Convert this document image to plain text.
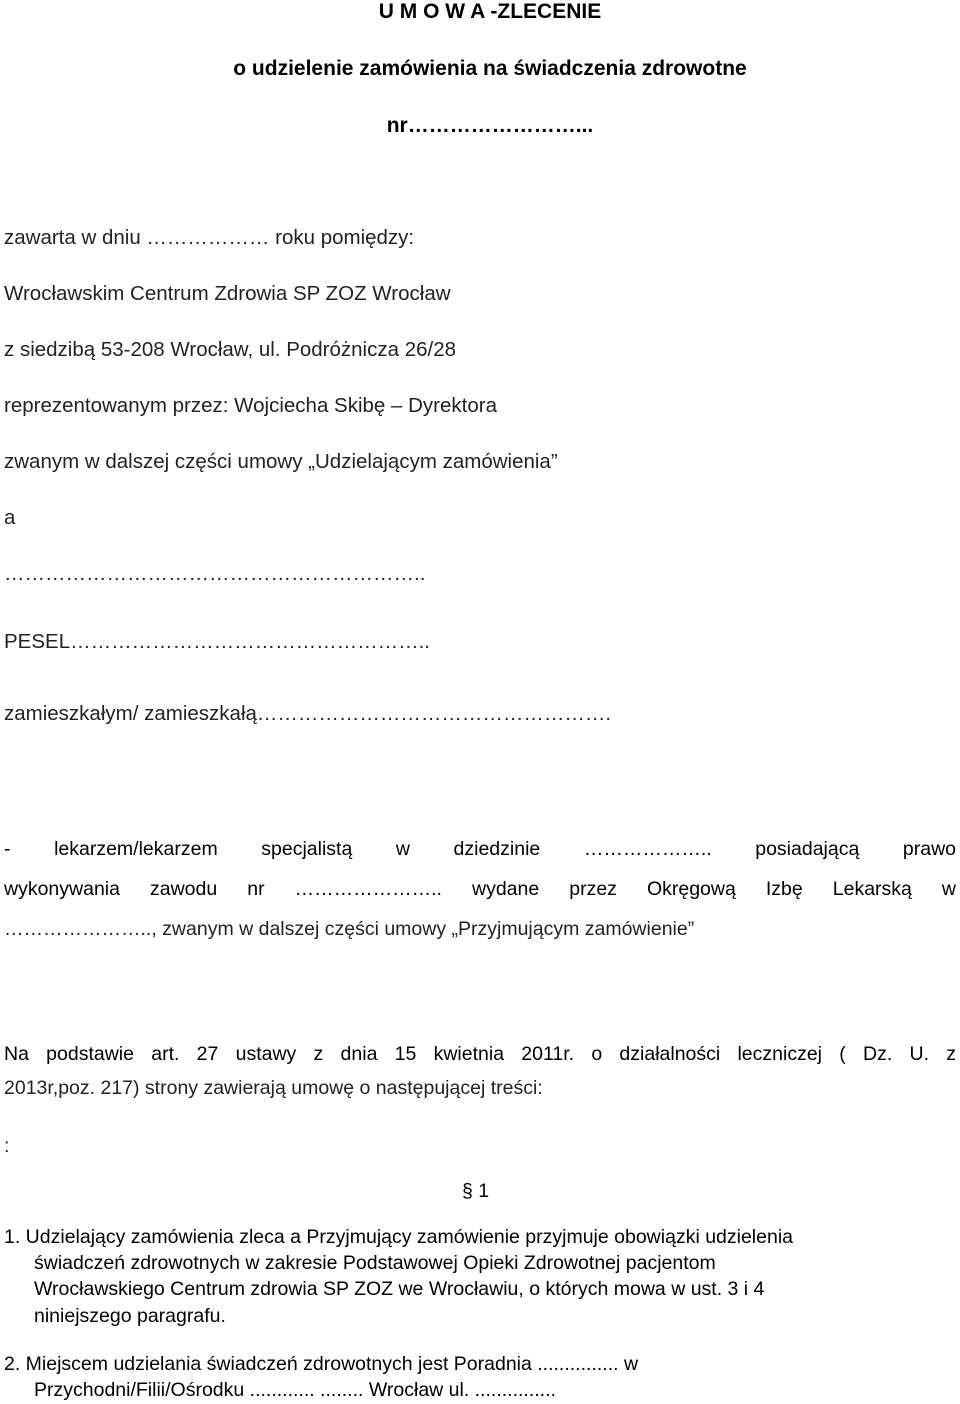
U M O W A -ZLECENIE

o udzielenie zamówienia na świadczenia zdrowotne

nr……………………...

zawarta w dniu ……………… roku pomiędzy:

Wrocławskim Centrum Zdrowia SP ZOZ Wrocław

z siedzibą 53-208 Wrocław, ul. Podróżnicza 26/28

reprezentowanym przez: Wojciecha Skibę – Dyrektora

zwanym w dalszej części umowy „Udzielającym zamówienia”

a

……………………………………………………..

PESEL……………………………………………..

zamieszkałym/ zamieszkałą…………………………………………….

- lekarzem/lekarzem specjalistą w dziedzinie ……………….. posiadającą prawo

wykonywania zawodu nr ………………….. wydane przez Okręgową Izbę Lekarską w

………………….., zwanym w dalszej części umowy „Przyjmującym zamówienie”

Na podstawie art. 27 ustawy z dnia 15 kwietnia 2011r. o działalności leczniczej ( Dz. U. z

2013r,poz. 217) strony zawierają umowę o następującej treści:

:

§ 1

1. Udzielający zamówienia zleca a Przyjmujący zamówienie przyjmuje obowiązki udzielenia

świadczeń zdrowotnych w zakresie Podstawowej Opieki Zdrowotnej pacjentom

Wrocławskiego Centrum zdrowia SP ZOZ we Wrocławiu, o których mowa w ust. 3 i 4

niniejszego paragrafu.

2. Miejscem udzielania świadczeń zdrowotnych jest Poradnia ............... w

Przychodni/Filii/Ośrodku ............ ........ Wrocław ul. ...............
